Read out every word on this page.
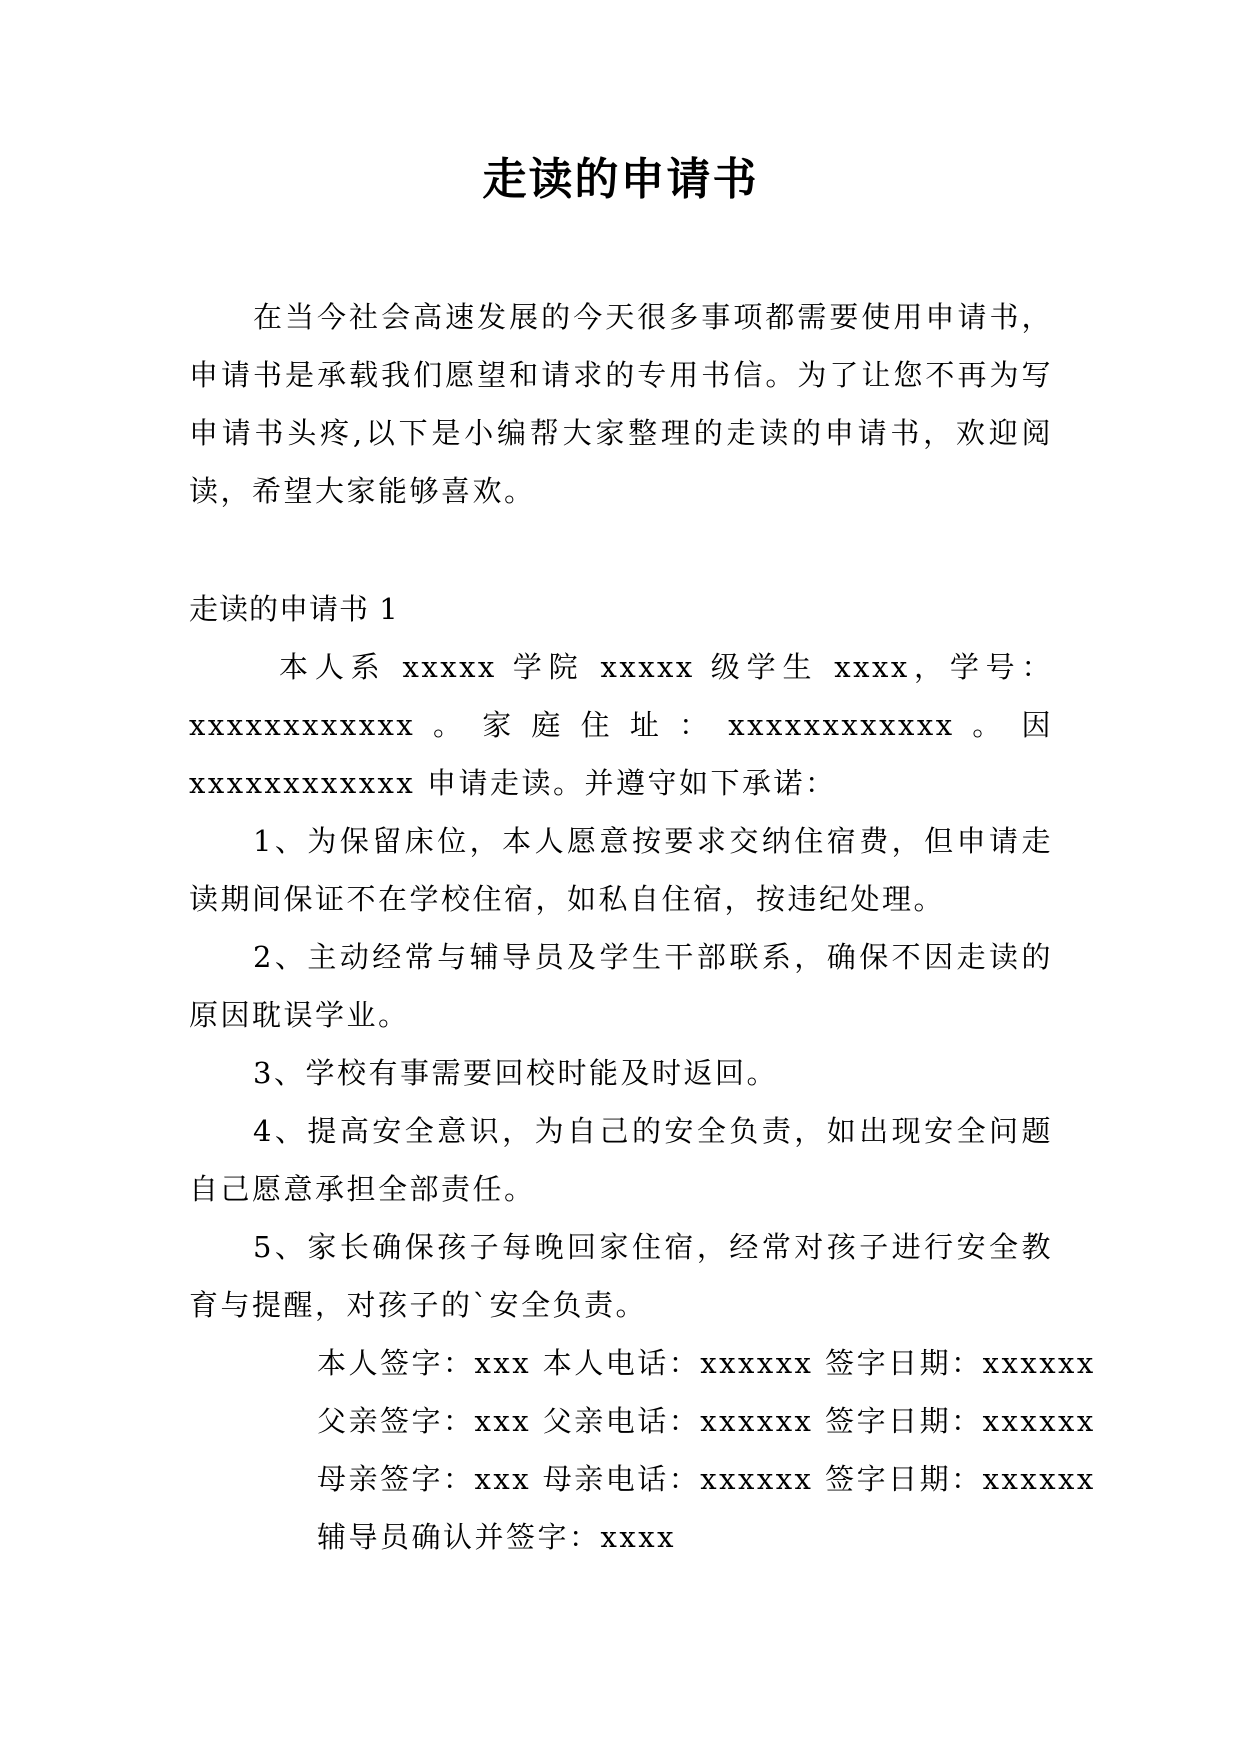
走读的申请书
在当今社会高速发展的今天很多事项都需要使用申请书，申请书是承载我们愿望和请求的专用书信。为了让您不再为写申请书头疼,以下是小编帮大家整理的走读的申请书，欢迎阅读，希望大家能够喜欢。
走读的申请书 1

本人系 xxxxx 学院 xxxxx 级学生 xxxx，学号：xxxxxxxxxxxx。家庭住址：xxxxxxxxxxxx。因 xxxxxxxxxxxx 申请走读。并遵守如下承诺：

1、为保留床位，本人愿意按要求交纳住宿费，但申请走读期间保证不在学校住宿，如私自住宿，按违纪处理。

2、主动经常与辅导员及学生干部联系，确保不因走读的原因耽误学业。

3、学校有事需要回校时能及时返回。

4、提高安全意识，为自己的安全负责，如出现安全问题自己愿意承担全部责任。

5、家长确保孩子每晚回家住宿，经常对孩子进行安全教育与提醒，对孩子的`安全负责。

本人签字：xxx 本人电话：xxxxxx 签字日期：xxxxxx

父亲签字：xxx 父亲电话：xxxxxx 签字日期：xxxxxx

母亲签字：xxx 母亲电话：xxxxxx 签字日期：xxxxxx

辅导员确认并签字：xxxx
